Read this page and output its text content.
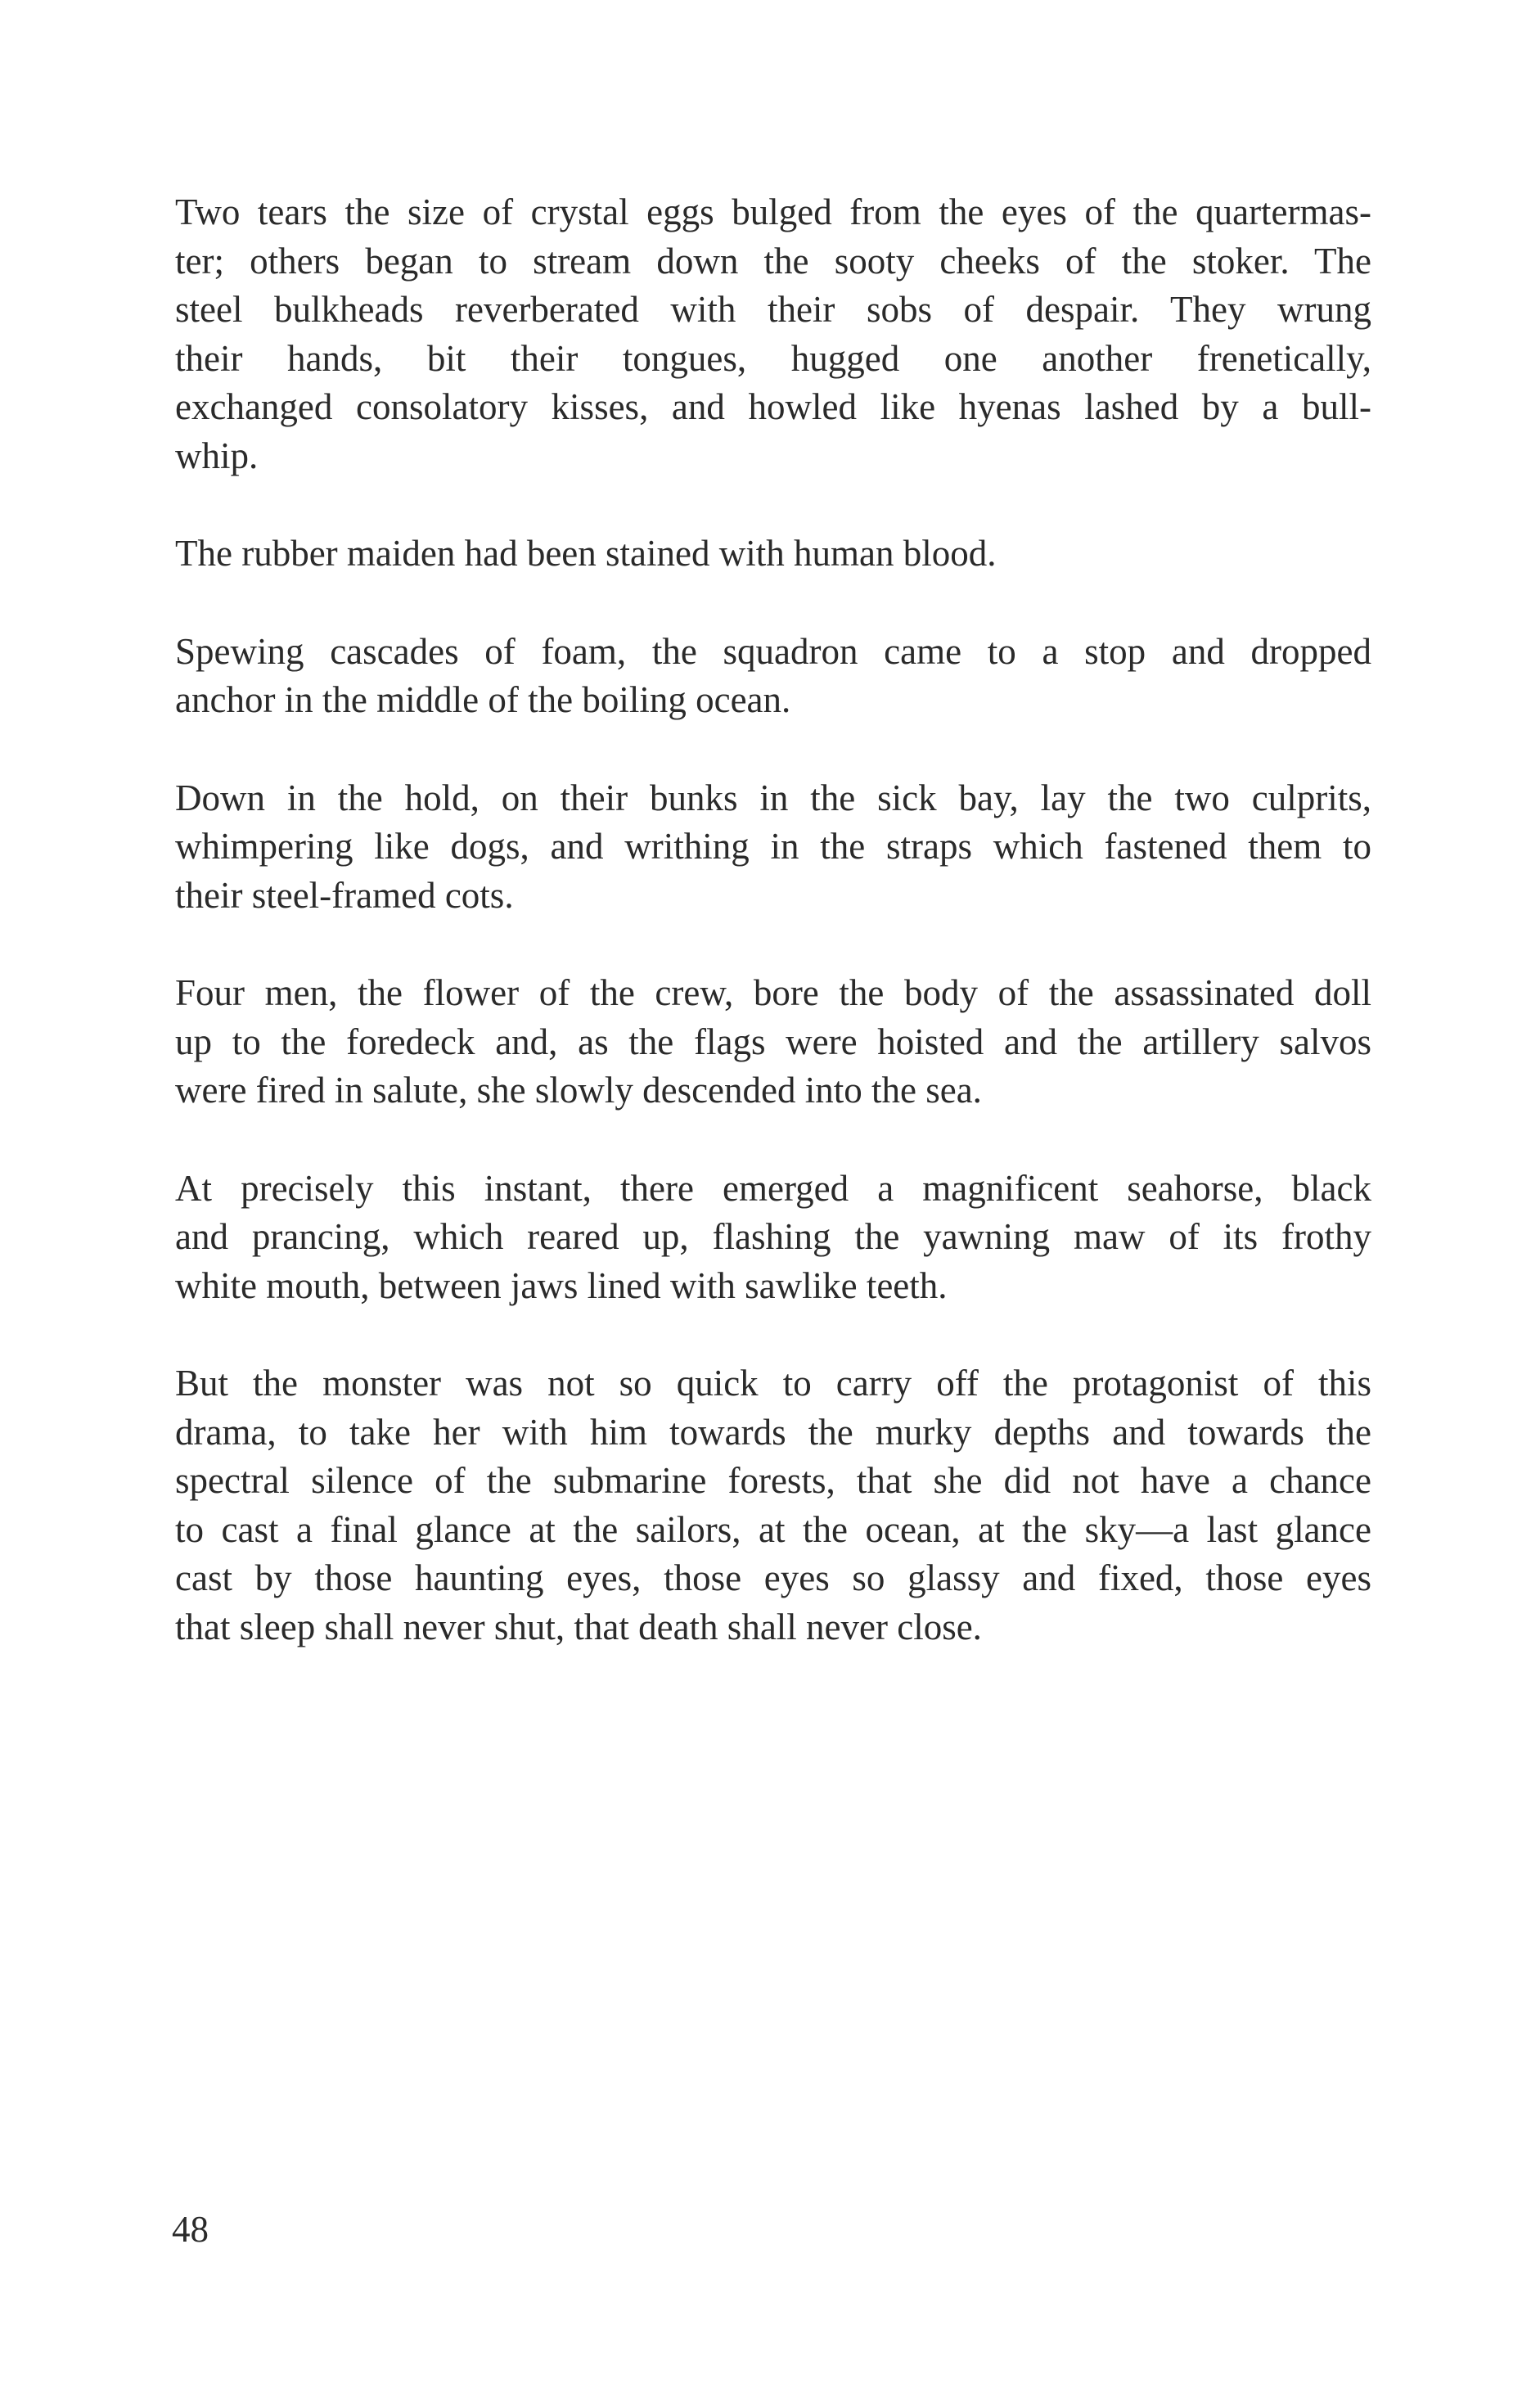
Two tears the size of crystal eggs bulged from the eyes of the quartermas-
ter; others began to stream down the sooty cheeks of the stoker. The
steel bulkheads reverberated with their sobs of despair. They wrung
their hands, bit their tongues, hugged one another frenetically,
exchanged consolatory kisses, and howled like hyenas lashed by a bull-
whip.
The rubber maiden had been stained with human blood.
Spewing cascades of foam, the squadron came to a stop and dropped
anchor in the middle of the boiling ocean.
Down in the hold, on their bunks in the sick bay, lay the two culprits,
whimpering like dogs, and writhing in the straps which fastened them to
their steel-framed cots.
Four men, the flower of the crew, bore the body of the assassinated doll
up to the foredeck and, as the flags were hoisted and the artillery salvos
were fired in salute, she slowly descended into the sea.
At precisely this instant, there emerged a magnificent seahorse, black
and prancing, which reared up, flashing the yawning maw of its frothy
white mouth, between jaws lined with sawlike teeth.
But the monster was not so quick to carry off the protagonist of this
drama, to take her with him towards the murky depths and towards the
spectral silence of the submarine forests, that she did not have a chance
to cast a final glance at the sailors, at the ocean, at the sky—a last glance
cast by those haunting eyes, those eyes so glassy and fixed, those eyes
that sleep shall never shut, that death shall never close.
48
